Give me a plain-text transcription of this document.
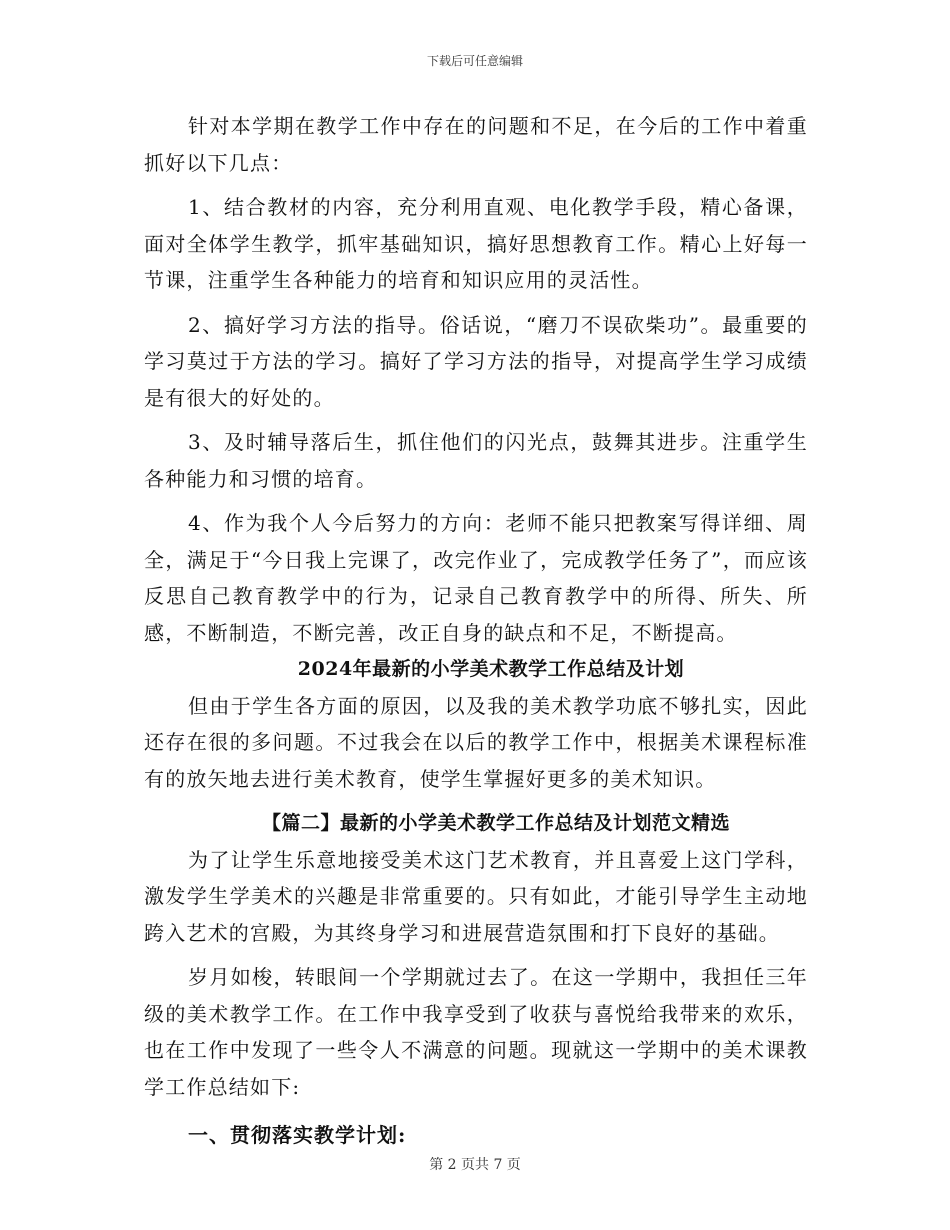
下载后可任意编辑

针对本学期在教学工作中存在的问题和不足，在今后的工作中着重抓好以下几点：

1、结合教材的内容，充分利用直观、电化教学手段，精心备课，面对全体学生教学，抓牢基础知识，搞好思想教育工作。精心上好每一节课，注重学生各种能力的培育和知识应用的灵活性。

2、搞好学习方法的指导。俗话说，“磨刀不误砍柴功”。最重要的学习莫过于方法的学习。搞好了学习方法的指导，对提高学生学习成绩是有很大的好处的。

3、及时辅导落后生，抓住他们的闪光点，鼓舞其进步。注重学生各种能力和习惯的培育。

4、作为我个人今后努力的方向：老师不能只把教案写得详细、周全，满足于“今日我上完课了，改完作业了，完成教学任务了”，而应该反思自己教育教学中的行为，记录自己教育教学中的所得、所失、所感，不断制造，不断完善，改正自身的缺点和不足，不断提高。

2024年最新的小学美术教学工作总结及计划

但由于学生各方面的原因，以及我的美术教学功底不够扎实，因此还存在很的多问题。不过我会在以后的教学工作中，根据美术课程标准有的放矢地去进行美术教育，使学生掌握好更多的美术知识。

【篇二】最新的小学美术教学工作总结及计划范文精选

为了让学生乐意地接受美术这门艺术教育，并且喜爱上这门学科，激发学生学美术的兴趣是非常重要的。只有如此，才能引导学生主动地跨入艺术的宫殿，为其终身学习和进展营造氛围和打下良好的基础。

岁月如梭，转眼间一个学期就过去了。在这一学期中，我担任三年级的美术教学工作。在工作中我享受到了收获与喜悦给我带来的欢乐，也在工作中发现了一些令人不满意的问题。现就这一学期中的美术课教学工作总结如下:

一、贯彻落实教学计划:

第 2 页共 7 页
